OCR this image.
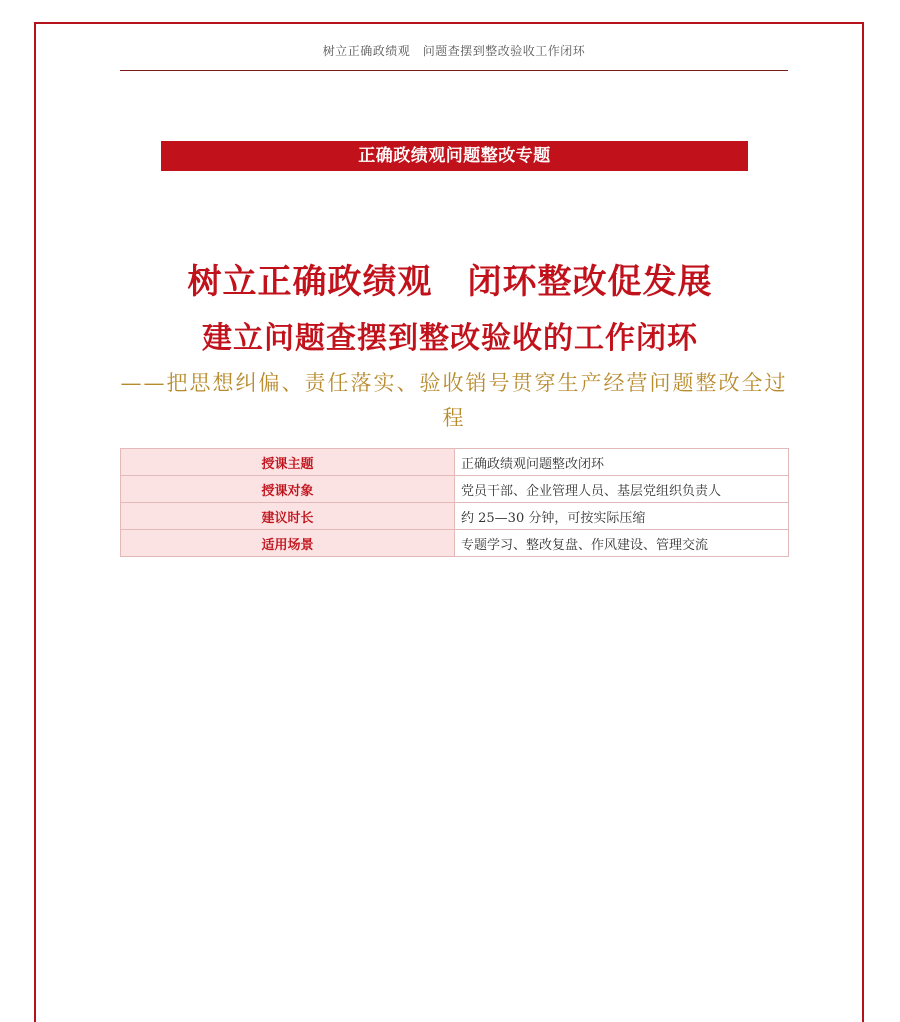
树立正确政绩观　问题查摆到整改验收工作闭环
正确政绩观问题整改专题
树立正确政绩观　闭环整改促发展
建立问题查摆到整改验收的工作闭环
——把思想纠偏、责任落实、验收销号贯穿生产经营问题整改全过程
授课主题	正确政绩观问题整改闭环
授课对象	党员干部、企业管理人员、基层党组织负责人
建议时长	约 25—30 分钟，可按实际压缩
适用场景	专题学习、整改复盘、作风建设、管理交流
